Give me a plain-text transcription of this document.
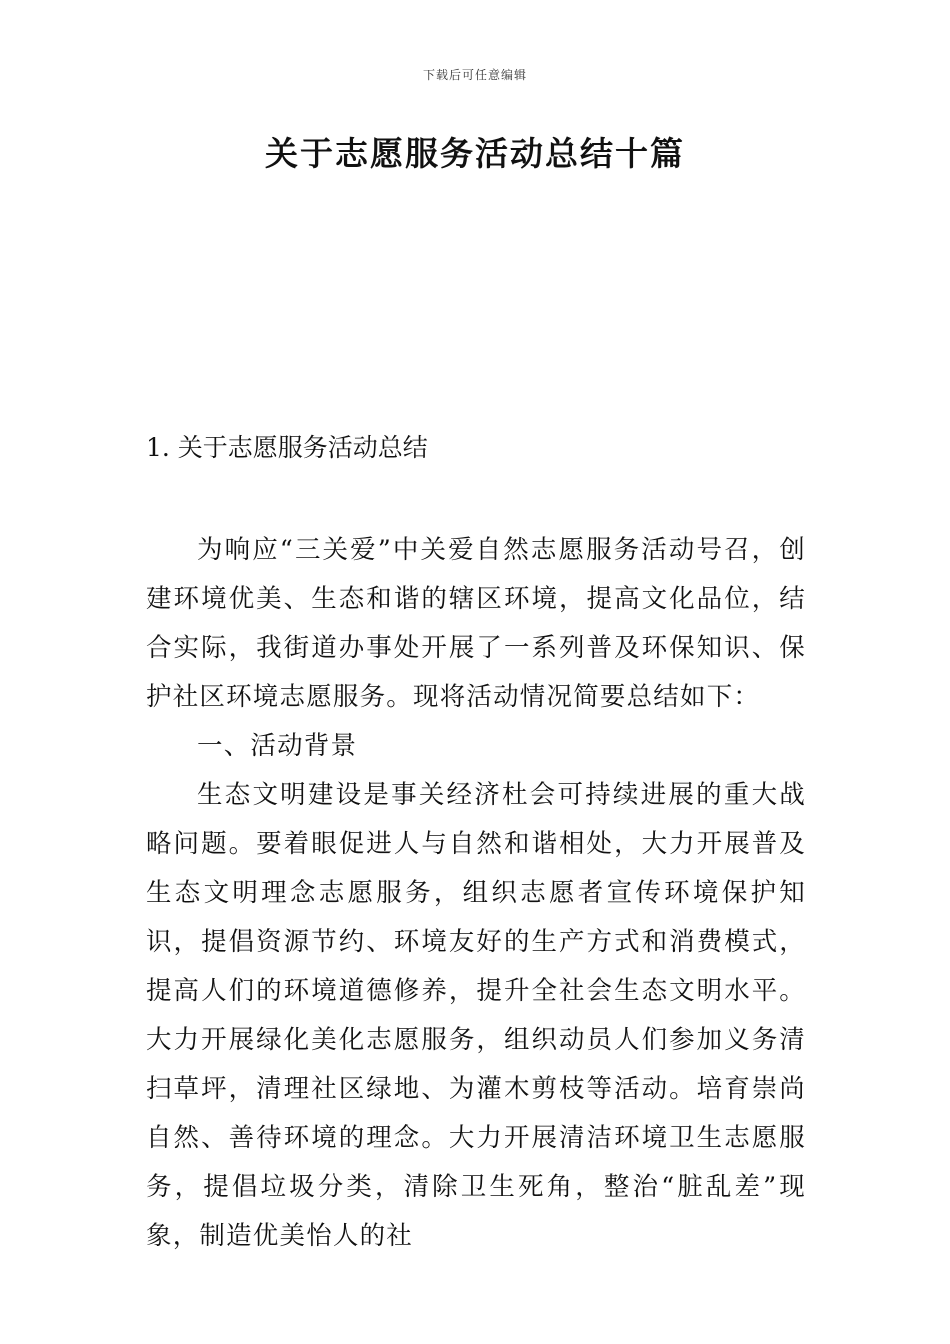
下载后可任意编辑
关于志愿服务活动总结十篇
1. 关于志愿服务活动总结

为响应“三关爱”中关爱自然志愿服务活动号召，创建环境优美、生态和谐的辖区环境，提高文化品位，结合实际，我街道办事处开展了一系列普及环保知识、保护社区环境志愿服务。现将活动情况简要总结如下：

一、活动背景

生态文明建设是事关经济杜会可持续进展的重大战略问题。要着眼促进人与自然和谐相处，大力开展普及生态文明理念志愿服务，组织志愿者宣传环境保护知识，提倡资源节约、环境友好的生产方式和消费模式，提高人们的环境道德修养，提升全社会生态文明水平。大力开展绿化美化志愿服务，组织动员人们参加义务清扫草坪，清理社区绿地、为灌木剪枝等活动。培育崇尚自然、善待环境的理念。大力开展清洁环境卫生志愿服务，提倡垃圾分类，清除卫生死角，整治“脏乱差”现象，制造优美怡人的社
